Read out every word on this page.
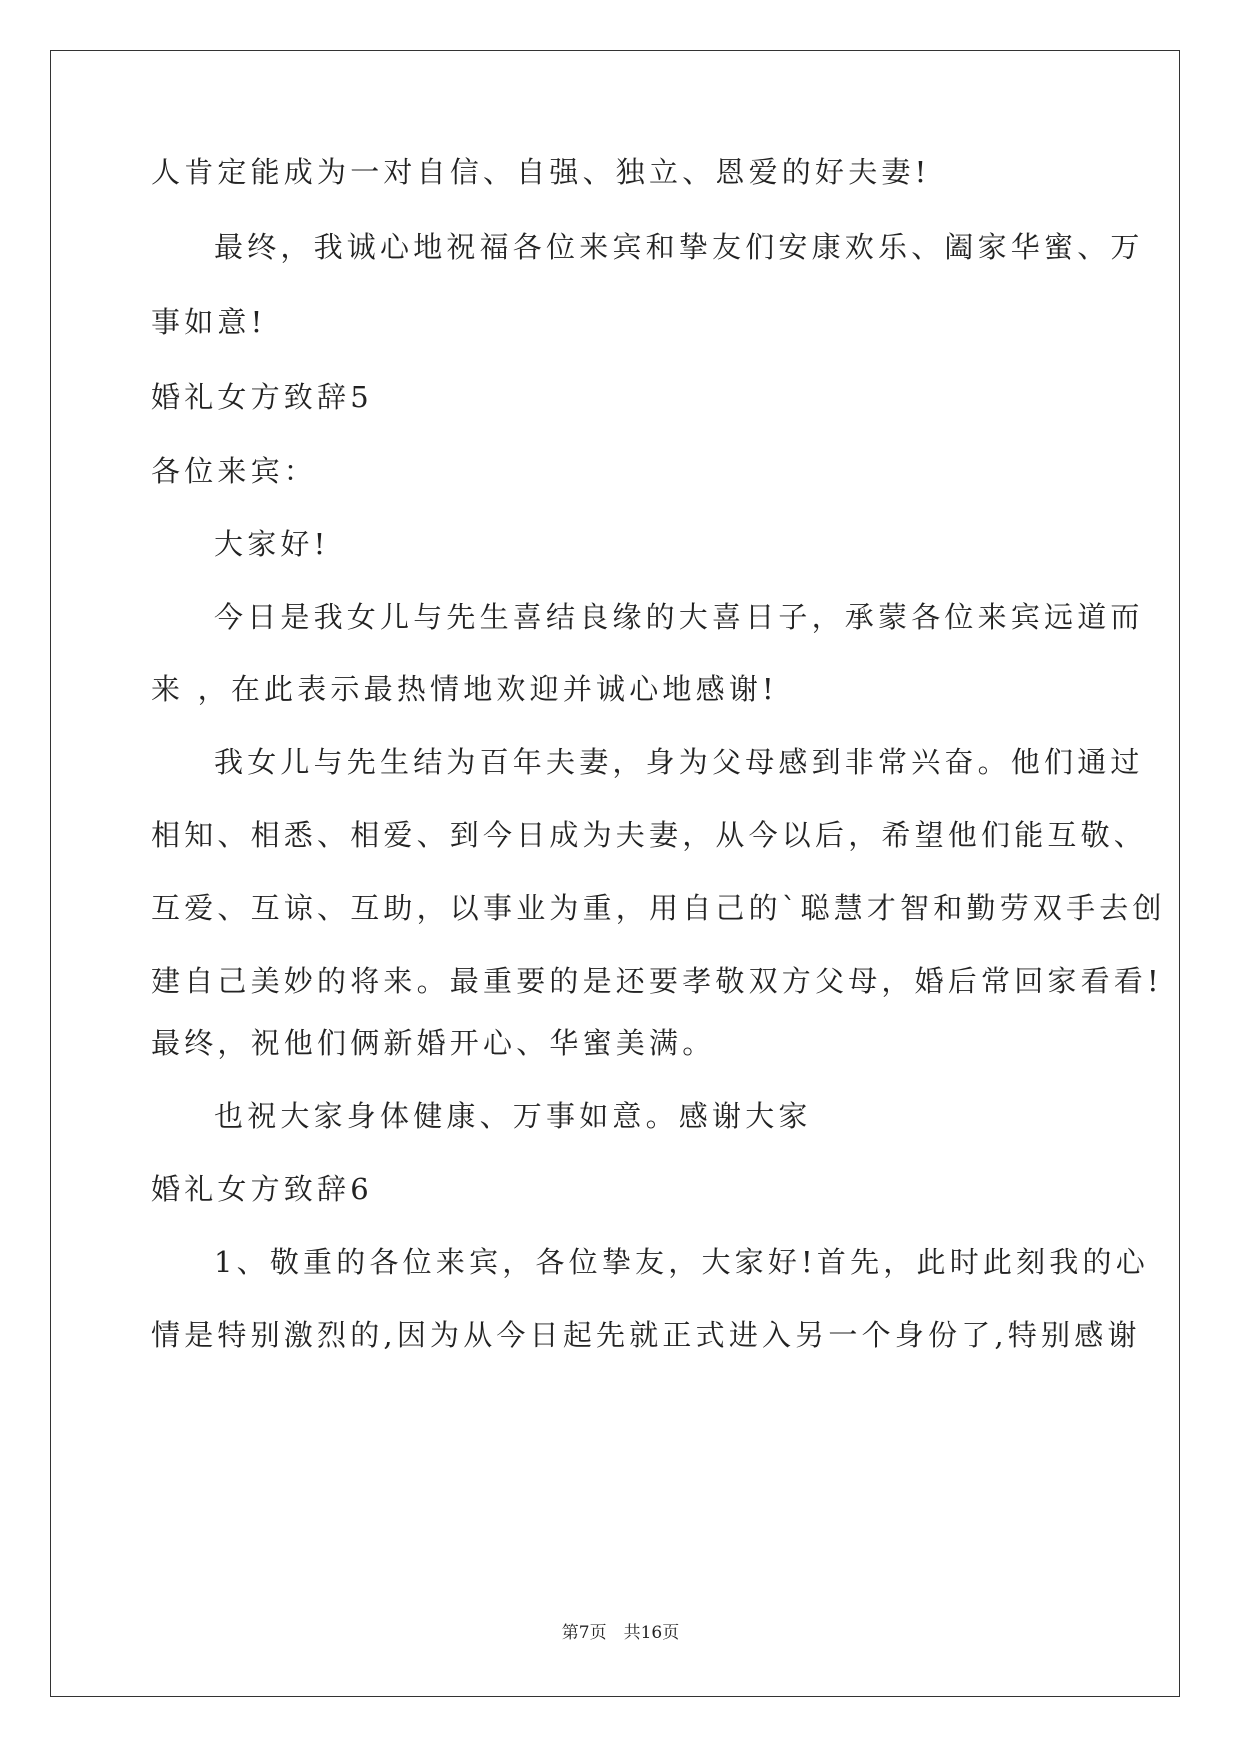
人肯定能成为一对自信、自强、独立、恩爱的好夫妻!
最终，我诚心地祝福各位来宾和挚友们安康欢乐、阖家华蜜、万
事如意!
婚礼女方致辞5
各位来宾：
大家好!
今日是我女儿与先生喜结良缘的大喜日子，承蒙各位来宾远道而
来 ，在此表示最热情地欢迎并诚心地感谢!
我女儿与先生结为百年夫妻，身为父母感到非常兴奋。他们通过
相知、相悉、相爱、到今日成为夫妻，从今以后，希望他们能互敬、
互爱、互谅、互助，以事业为重，用自己的`聪慧才智和勤劳双手去创
建自己美妙的将来。最重要的是还要孝敬双方父母，婚后常回家看看!
最终，祝他们俩新婚开心、华蜜美满。
也祝大家身体健康、万事如意。感谢大家
婚礼女方致辞6
1、敬重的各位来宾，各位挚友，大家好!首先，此时此刻我的心
情是特别激烈的,因为从今日起先就正式进入另一个身份了,特别感谢
第7页　共16页
